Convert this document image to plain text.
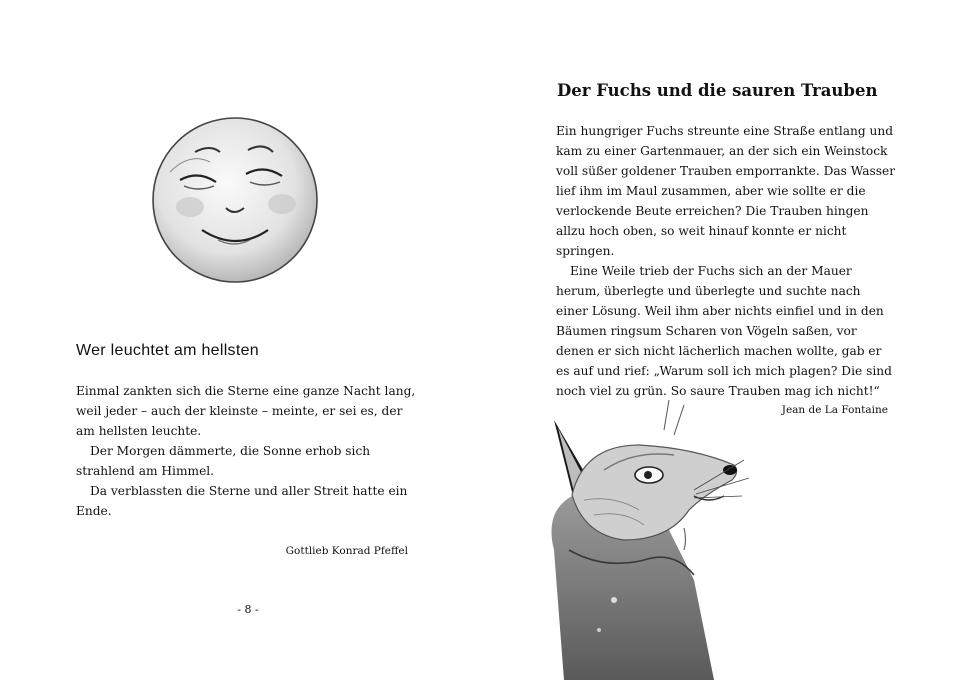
Wer leuchtet am hellsten

Einmal zankten sich die Sterne eine ganze Nacht lang, weil jeder – auch der kleinste – meinte, er sei es, der am hellsten leuchte.

Der Morgen dämmerte, die Sonne erhob sich strahlend am Himmel.

Da verblassten die Sterne und aller Streit hatte ein Ende.

Gottlieb Konrad Pfeffel

- 8 -
Der Fuchs und die sauren Trauben

Ein hungriger Fuchs streunte eine Straße entlang und kam zu einer Gartenmauer, an der sich ein Weinstock voll süßer goldener Trauben emporrankte. Das Wasser lief ihm im Maul zusammen, aber wie sollte er die verlockende Beute erreichen? Die Trauben hingen allzu hoch oben, so weit hinauf konnte er nicht springen.

Eine Weile trieb der Fuchs sich an der Mauer herum, überlegte und überlegte und suchte nach einer Lösung. Weil ihm aber nichts einfiel und in den Bäumen ringsum Scharen von Vögeln saßen, vor denen er sich nicht lächerlich machen wollte, gab er es auf und rief: „Warum soll ich mich plagen? Die sind noch viel zu grün. So saure Trauben mag ich nicht!“

Jean de La Fontaine
